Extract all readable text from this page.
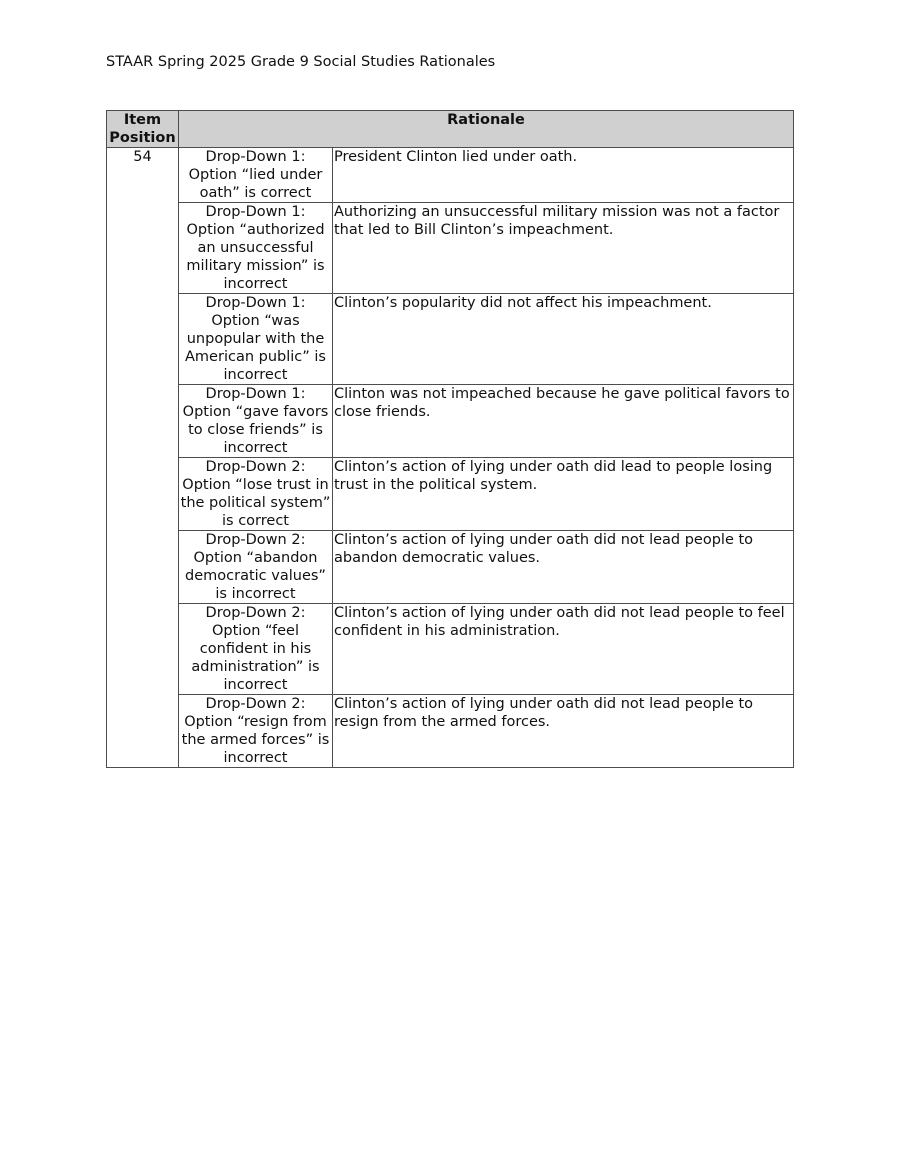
STAAR Spring 2025 Grade 9 Social Studies Rationales
Item Position	Rationale	
54	Drop-Down 1: Option “lied under oath” is correct	President Clinton lied under oath.
	Drop-Down 1: Option “authorized an unsuccessful military mission” is incorrect	Authorizing an unsuccessful military mission was not a factor that led to Bill Clinton’s impeachment.
	Drop-Down 1: Option “was unpopular with the American public” is incorrect	Clinton’s popularity did not affect his impeachment.
	Drop-Down 1: Option “gave favors to close friends” is incorrect	Clinton was not impeached because he gave political favors to close friends.
	Drop-Down 2: Option “lose trust in the political system” is correct	Clinton’s action of lying under oath did lead to people losing trust in the political system.
	Drop-Down 2: Option “abandon democratic values” is incorrect	Clinton’s action of lying under oath did not lead people to abandon democratic values.
	Drop-Down 2: Option “feel confident in his administration” is incorrect	Clinton’s action of lying under oath did not lead people to feel confident in his administration.
	Drop-Down 2: Option “resign from the armed forces” is incorrect	Clinton’s action of lying under oath did not lead people to resign from the armed forces.
